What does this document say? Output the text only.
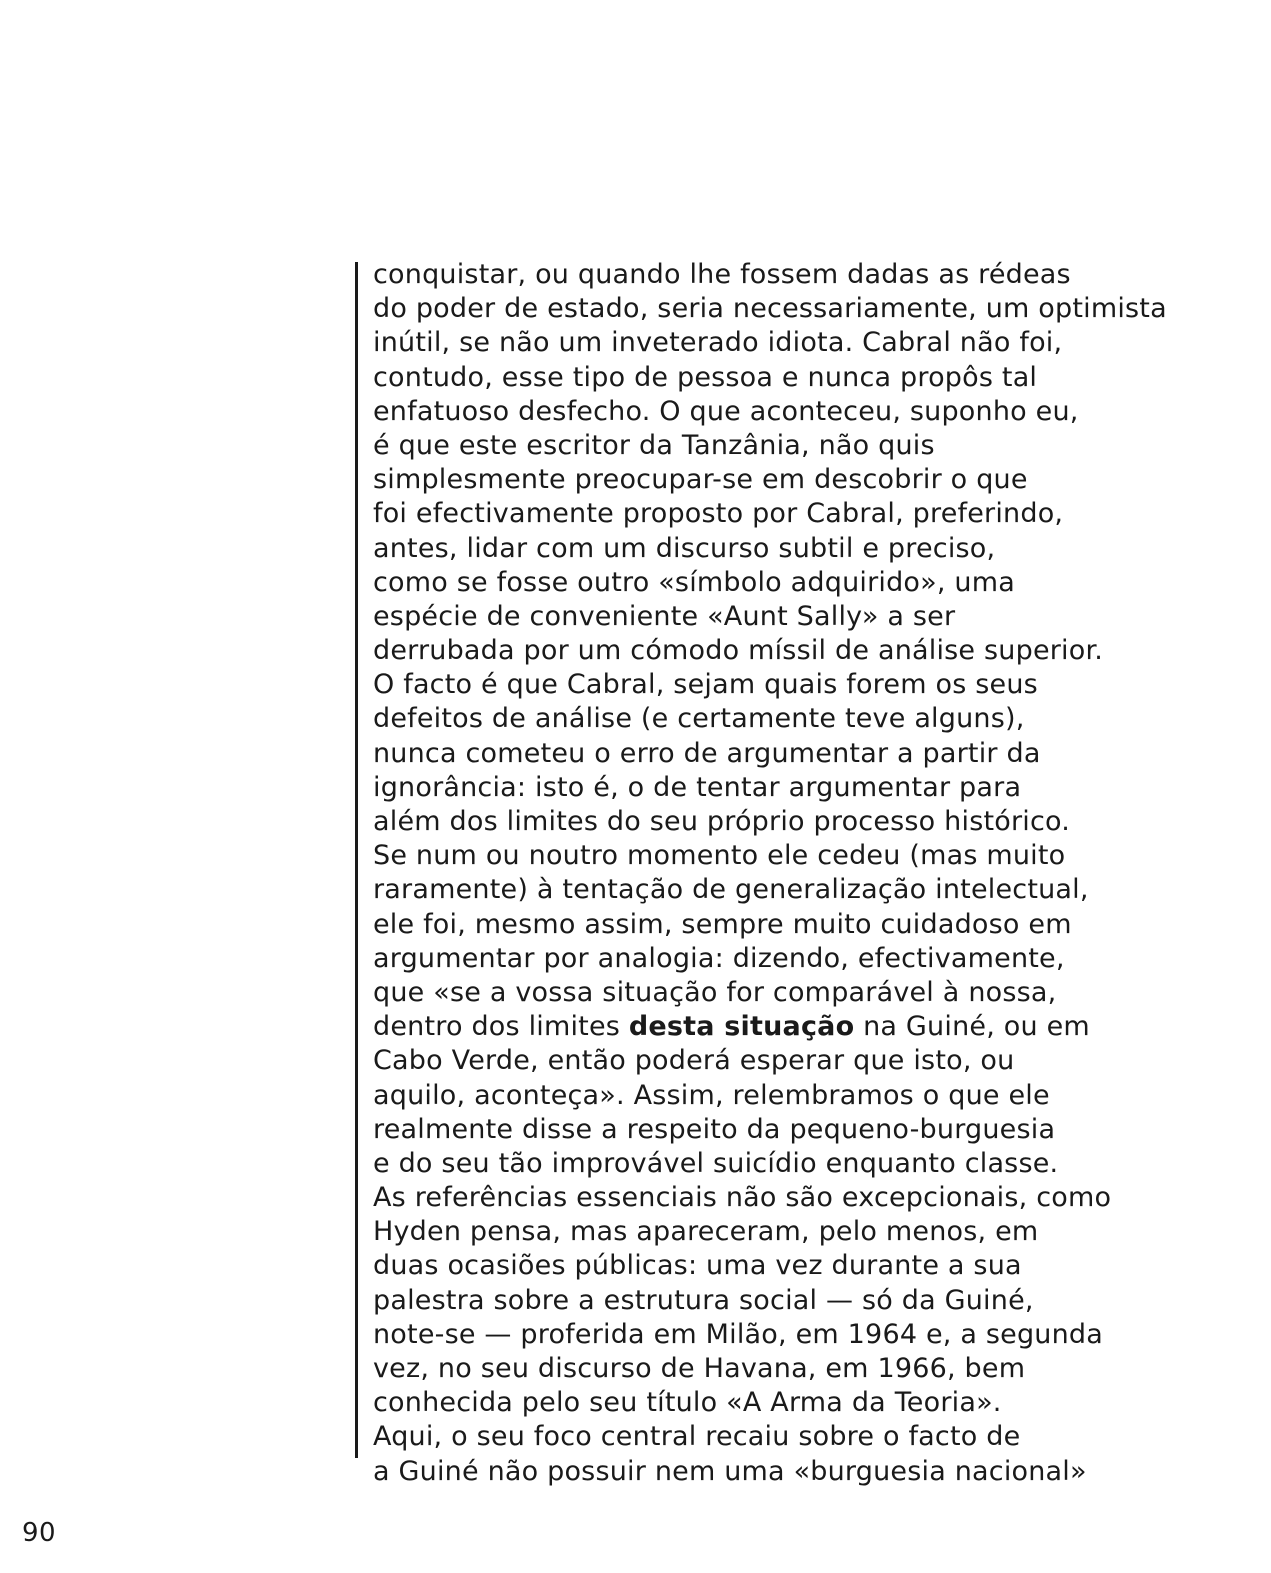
conquistar, ou quando lhe fossem dadas as rédeas
do poder de estado, seria necessariamente, um optimista
inútil, se não um inveterado idiota. Cabral não foi,
contudo, esse tipo de pessoa e nunca propôs tal
enfatuoso desfecho. O que aconteceu, suponho eu,
é que este escritor da Tanzânia, não quis
simplesmente preocupar-se em descobrir o que
foi efectivamente proposto por Cabral, preferindo,
antes, lidar com um discurso subtil e preciso,
como se fosse outro «símbolo adquirido», uma
espécie de conveniente «Aunt Sally» a ser
derrubada por um cómodo míssil de análise superior.
O facto é que Cabral, sejam quais forem os seus
defeitos de análise (e certamente teve alguns),
nunca cometeu o erro de argumentar a partir da
ignorância: isto é, o de tentar argumentar para
além dos limites do seu próprio processo histórico.
Se num ou noutro momento ele cedeu (mas muito
raramente) à tentação de generalização intelectual,
ele foi, mesmo assim, sempre muito cuidadoso em
argumentar por analogia: dizendo, efectivamente,
que «se a vossa situação for comparável à nossa,
dentro dos limites desta situação na Guiné, ou em
Cabo Verde, então poderá esperar que isto, ou
aquilo, aconteça». Assim, relembramos o que ele
realmente disse a respeito da pequeno-burguesia
e do seu tão improvável suicídio enquanto classe.
As referências essenciais não são excepcionais, como
Hyden pensa, mas apareceram, pelo menos, em
duas ocasiões públicas: uma vez durante a sua
palestra sobre a estrutura social — só da Guiné,
note-se — proferida em Milão, em 1964 e, a segunda
vez, no seu discurso de Havana, em 1966, bem
conhecida pelo seu título «A Arma da Teoria».
Aqui, o seu foco central recaiu sobre o facto de
a Guiné não possuir nem uma «burguesia nacional»
90
